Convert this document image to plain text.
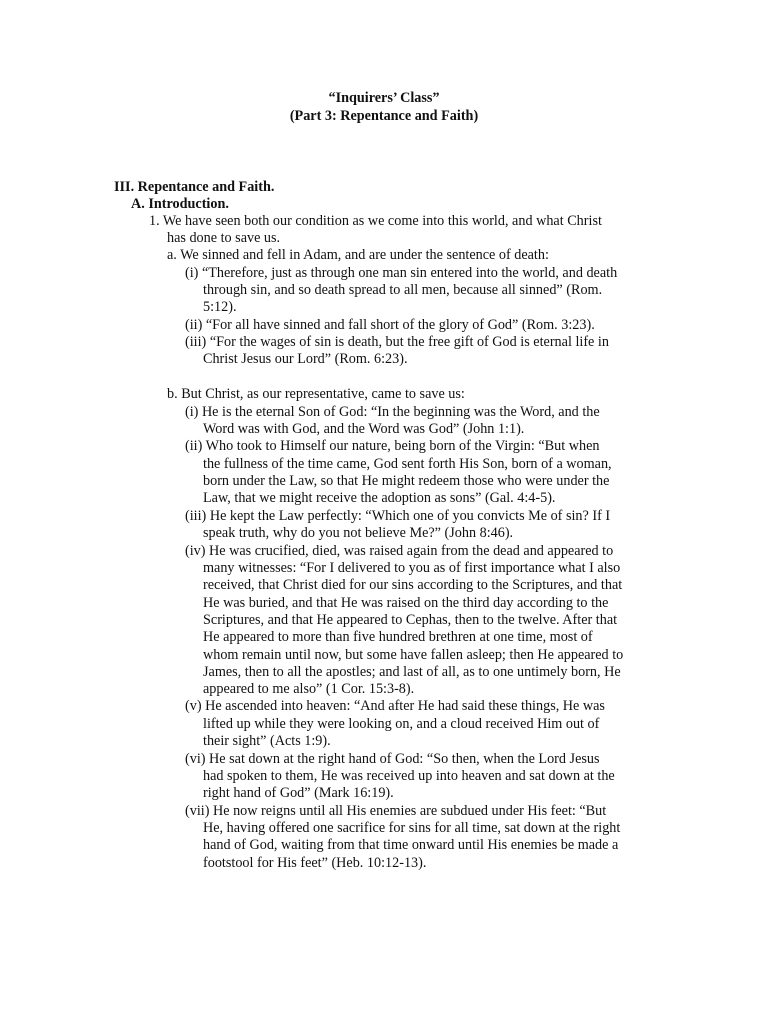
“Inquirers’ Class”
(Part 3: Repentance and Faith)
III. Repentance and Faith.
A. Introduction.
1. We have seen both our condition as we come into this world, and what Christ
has done to save us.
a. We sinned and fell in Adam, and are under the sentence of death:
(i) “Therefore, just as through one man sin entered into the world, and death
through sin, and so death spread to all men, because all sinned” (Rom.
5:12).
(ii) “For all have sinned and fall short of the glory of God” (Rom. 3:23).
(iii) “For the wages of sin is death, but the free gift of God is eternal life in
Christ Jesus our Lord” (Rom. 6:23).
b. But Christ, as our representative, came to save us:
(i) He is the eternal Son of God: “In the beginning was the Word, and the
Word was with God, and the Word was God” (John 1:1).
(ii) Who took to Himself our nature, being born of the Virgin: “But when
the fullness of the time came, God sent forth His Son, born of a woman,
born under the Law, so that He might redeem those who were under the
Law, that we might receive the adoption as sons” (Gal. 4:4-5).
(iii) He kept the Law perfectly: “Which one of you convicts Me of sin? If I
speak truth, why do you not believe Me?” (John 8:46).
(iv) He was crucified, died, was raised again from the dead and appeared to
many witnesses: “For I delivered to you as of first importance what I also
received, that Christ died for our sins according to the Scriptures, and that
He was buried, and that He was raised on the third day according to the
Scriptures, and that He appeared to Cephas, then to the twelve. After that
He appeared to more than five hundred brethren at one time, most of
whom remain until now, but some have fallen asleep; then He appeared to
James, then to all the apostles; and last of all, as to one untimely born, He
appeared to me also” (1 Cor. 15:3-8).
(v) He ascended into heaven: “And after He had said these things, He was
lifted up while they were looking on, and a cloud received Him out of
their sight” (Acts 1:9).
(vi) He sat down at the right hand of God: “So then, when the Lord Jesus
had spoken to them, He was received up into heaven and sat down at the
right hand of God” (Mark 16:19).
(vii) He now reigns until all His enemies are subdued under His feet: “But
He, having offered one sacrifice for sins for all time, sat down at the right
hand of God, waiting from that time onward until His enemies be made a
footstool for His feet” (Heb. 10:12-13).
